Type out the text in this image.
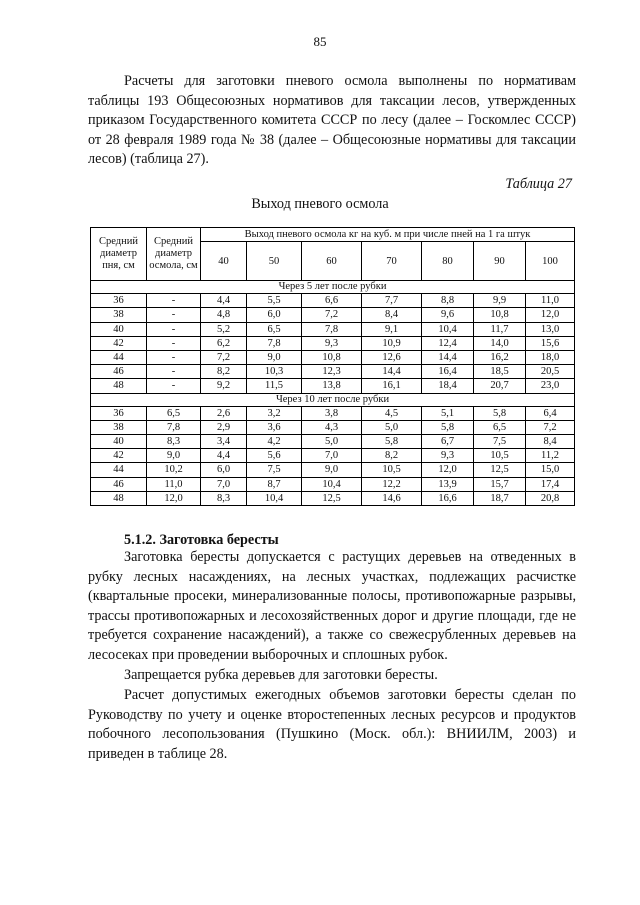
85

Расчеты для заготовки пневого осмола выполнены по нормативам таблицы 193 Общесоюзных нормативов для таксации лесов, утвержденных приказом Государственного комитета СССР по лесу (далее – Госкомлес СССР) от 28 февраля 1989 года № 38 (далее – Общесоюзные нормативы для таксации лесов) (таблица 27).

Таблица 27
Выход пневого осмола
Средний диаметр пня, см	Средний диаметр осмола, см	Выход пневого осмола кг на куб. м при числе пней на 1 га штук						
		40	50	60	70	80	90	100
Через 5 лет после рубки								
36	-	4,4	5,5	6,6	7,7	8,8	9,9	11,0
38	-	4,8	6,0	7,2	8,4	9,6	10,8	12,0
40	-	5,2	6,5	7,8	9,1	10,4	11,7	13,0
42	-	6,2	7,8	9,3	10,9	12,4	14,0	15,6
44	-	7,2	9,0	10,8	12,6	14,4	16,2	18,0
46	-	8,2	10,3	12,3	14,4	16,4	18,5	20,5
48	-	9,2	11,5	13,8	16,1	18,4	20,7	23,0
Через 10 лет после рубки								
36	6,5	2,6	3,2	3,8	4,5	5,1	5,8	6,4
38	7,8	2,9	3,6	4,3	5,0	5,8	6,5	7,2
40	8,3	3,4	4,2	5,0	5,8	6,7	7,5	8,4
42	9,0	4,4	5,6	7,0	8,2	9,3	10,5	11,2
44	10,2	6,0	7,5	9,0	10,5	12,0	12,5	15,0
46	11,0	7,0	8,7	10,4	12,2	13,9	15,7	17,4
48	12,0	8,3	10,4	12,5	14,6	16,6	18,7	20,8
5.1.2. Заготовка бересты

Заготовка бересты допускается с растущих деревьев на отведенных в рубку лесных насаждениях, на лесных участках, подлежащих расчистке (квартальные просеки, минерализованные полосы, противопожарные разрывы, трассы противопожарных и лесохозяйственных дорог и другие площади, где не требуется сохранение насаждений), а также со свежесрубленных деревьев на лесосеках при проведении выборочных и сплошных рубок.

Запрещается рубка деревьев для заготовки бересты.

Расчет допустимых ежегодных объемов заготовки бересты сделан по Руководству по учету и оценке второстепенных лесных ресурсов и продуктов побочного лесопользования (Пушкино (Моск. обл.): ВНИИЛМ, 2003) и приведен в таблице 28.
